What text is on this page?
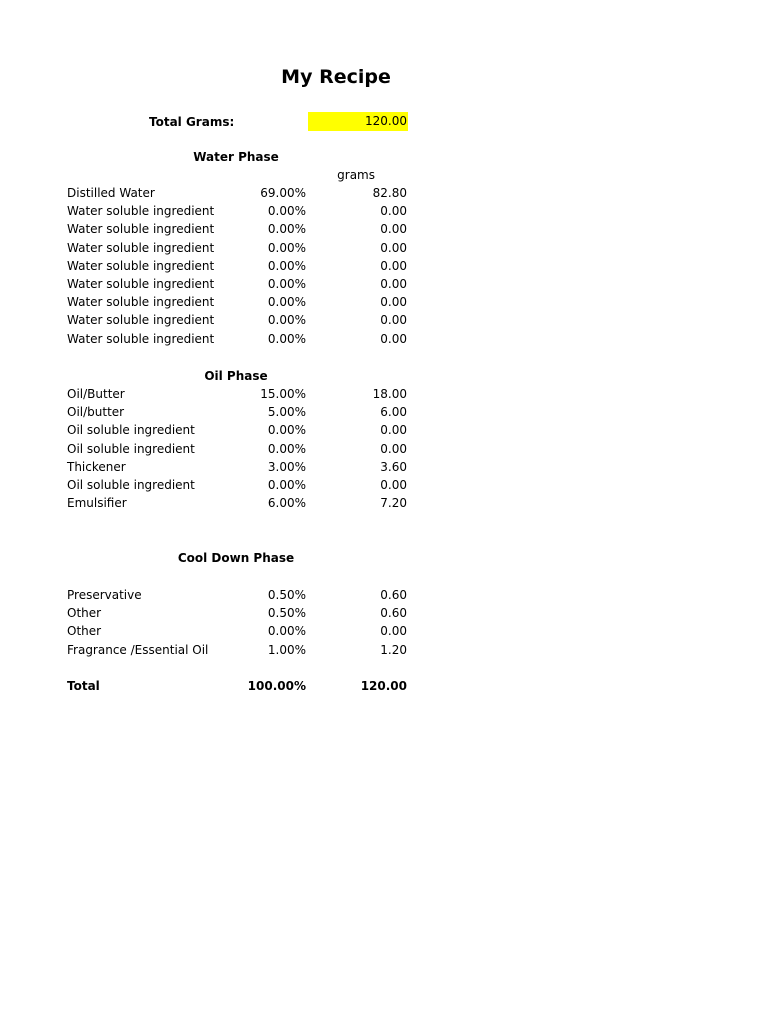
My Recipe
Total Grams:	120.00
Water Phase
grams
Distilled Water	69.00%	82.80
Water soluble ingredient	0.00%	0.00
Water soluble ingredient	0.00%	0.00
Water soluble ingredient	0.00%	0.00
Water soluble ingredient	0.00%	0.00
Water soluble ingredient	0.00%	0.00
Water soluble ingredient	0.00%	0.00
Water soluble ingredient	0.00%	0.00
Water soluble ingredient	0.00%	0.00
Oil Phase
Oil/Butter	15.00%	18.00
Oil/butter	5.00%	6.00
Oil soluble ingredient	0.00%	0.00
Oil soluble ingredient	0.00%	0.00
Thickener	3.00%	3.60
Oil soluble ingredient	0.00%	0.00
Emulsifier	6.00%	7.20
Cool Down Phase
Preservative	0.50%	0.60
Other	0.50%	0.60
Other	0.00%	0.00
Fragrance /Essential Oil	1.00%	1.20
Total	100.00%	120.00
